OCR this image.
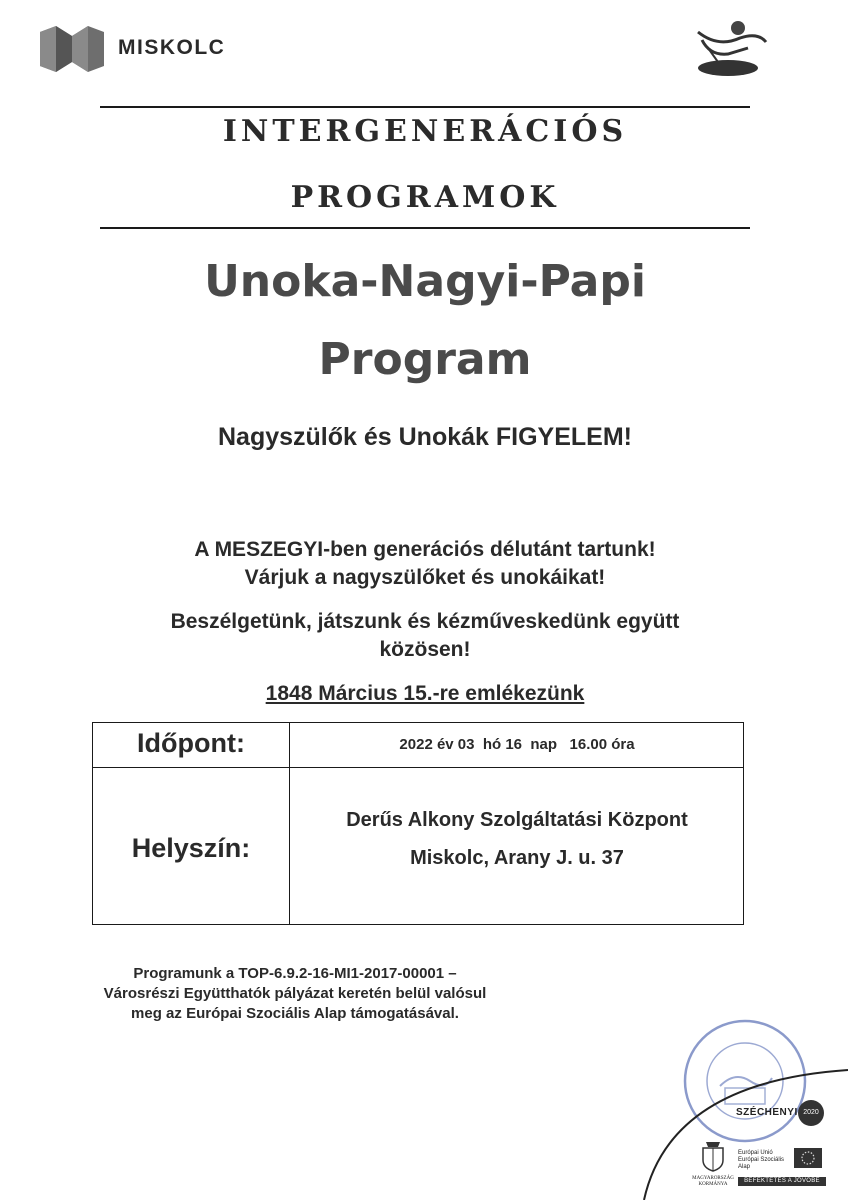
MISKOLC
INTERGENERÁCIÓS
PROGRAMOK
Unoka-Nagyi-Papi
Program
Nagyszülők és Unokák FIGYELEM!
A MESZEGYI-ben generációs délutánt tartunk!
Várjuk a nagyszülőket és unokáikat!
Beszélgetünk, játszunk és kézműveskedünk együtt
közösen!
1848 Március 15.-re emlékezünk
Időpont:	2022 év 03  hó 16  nap   16.00 óra
Helyszín:
Derűs Alkony Szolgáltatási Központ
Miskolc, Arany J. u. 37
Programunk a TOP-6.9.2-16-MI1-2017-00001 –
Városrészi Együtthatók pályázat keretén belül valósul
meg az Európai Szociális Alap támogatásával.
SZÉCHENYI 2020
MAGYARORSZÁG KORMÁNYA
Európai Unió
Európai Szociális
Alap
BEFEKTETÉS A JÖVŐBE
